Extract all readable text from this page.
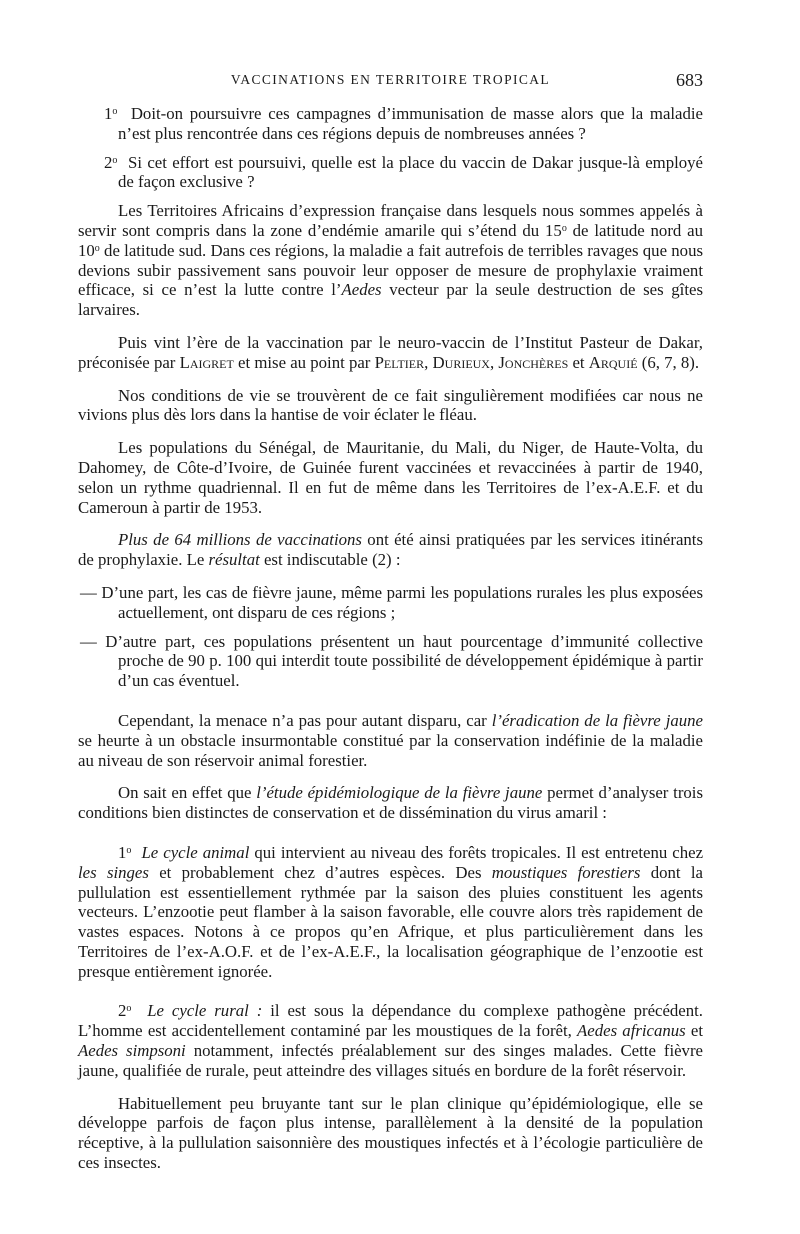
VACCINATIONS EN TERRITOIRE TROPICAL	683

1$^o$ Doit-on poursuivre ces campagnes d’immunisation de masse alors que la maladie n’est plus rencontrée dans ces régions depuis de nombreuses années ?

2$^o$ Si cet effort est poursuivi, quelle est la place du vaccin de Dakar jusque-là employé de façon exclusive ?

Les Territoires Africains d’expression française dans lesquels nous sommes appelés à servir sont compris dans la zone d’endémie amarile qui s’étend du 15$^o$ de latitude nord au 10$^o$ de latitude sud. Dans ces régions, la maladie a fait autrefois de terribles ravages que nous devions subir passivement sans pouvoir leur opposer de mesure de prophylaxie vraiment efficace, si ce n’est la lutte contre l’Aedes vecteur par la seule destruction de ses gîtes larvaires.

Puis vint l’ère de la vaccination par le neuro-vaccin de l’Institut Pasteur de Dakar, préconisée par Laigret et mise au point par Peltier, Durieux, Jonchères et Arquié (6, 7, 8).

Nos conditions de vie se trouvèrent de ce fait singulièrement modifiées car nous ne vivions plus dès lors dans la hantise de voir éclater le fléau.

Les populations du Sénégal, de Mauritanie, du Mali, du Niger, de Haute-Volta, du Dahomey, de Côte-d’Ivoire, de Guinée furent vaccinées et revaccinées à partir de 1940, selon un rythme quadriennal. Il en fut de même dans les Territoires de l’ex-A.E.F. et du Cameroun à partir de 1953.

Plus de 64 millions de vaccinations ont été ainsi pratiquées par les services itinérants de prophylaxie. Le résultat est indiscutable (2) :

— D’une part, les cas de fièvre jaune, même parmi les populations rurales les plus exposées actuellement, ont disparu de ces régions ;

— D’autre part, ces populations présentent un haut pourcentage d’immunité collective proche de 90 p. 100 qui interdit toute possibilité de développement épidémique à partir d’un cas éventuel.

Cependant, la menace n’a pas pour autant disparu, car l’éradication de la fièvre jaune se heurte à un obstacle insurmontable constitué par la conservation indéfinie de la maladie au niveau de son réservoir animal forestier.

On sait en effet que l’étude épidémiologique de la fièvre jaune permet d’analyser trois conditions bien distinctes de conservation et de dissémination du virus amaril :

1$^o$ Le cycle animal qui intervient au niveau des forêts tropicales. Il est entretenu chez les singes et probablement chez d’autres espèces. Des moustiques forestiers dont la pullulation est essentiellement rythmée par la saison des pluies constituent les agents vecteurs. L’enzootie peut flamber à la saison favorable, elle couvre alors très rapidement de vastes espaces. Notons à ce propos qu’en Afrique, et plus particulièrement dans les Territoires de l’ex-A.O.F. et de l’ex-A.E.F., la localisation géographique de l’enzootie est presque entièrement ignorée.

2$^o$ Le cycle rural : il est sous la dépendance du complexe pathogène précédent. L’homme est accidentellement contaminé par les moustiques de la forêt, Aedes africanus et Aedes simpsoni notamment, infectés préalablement sur des singes malades. Cette fièvre jaune, qualifiée de rurale, peut atteindre des villages situés en bordure de la forêt réservoir.

Habituellement peu bruyante tant sur le plan clinique qu’épidémiologique, elle se développe parfois de façon plus intense, parallèlement à la densité de la population réceptive, à la pullulation saisonnière des moustiques infectés et à l’écologie particulière de ces insectes.
